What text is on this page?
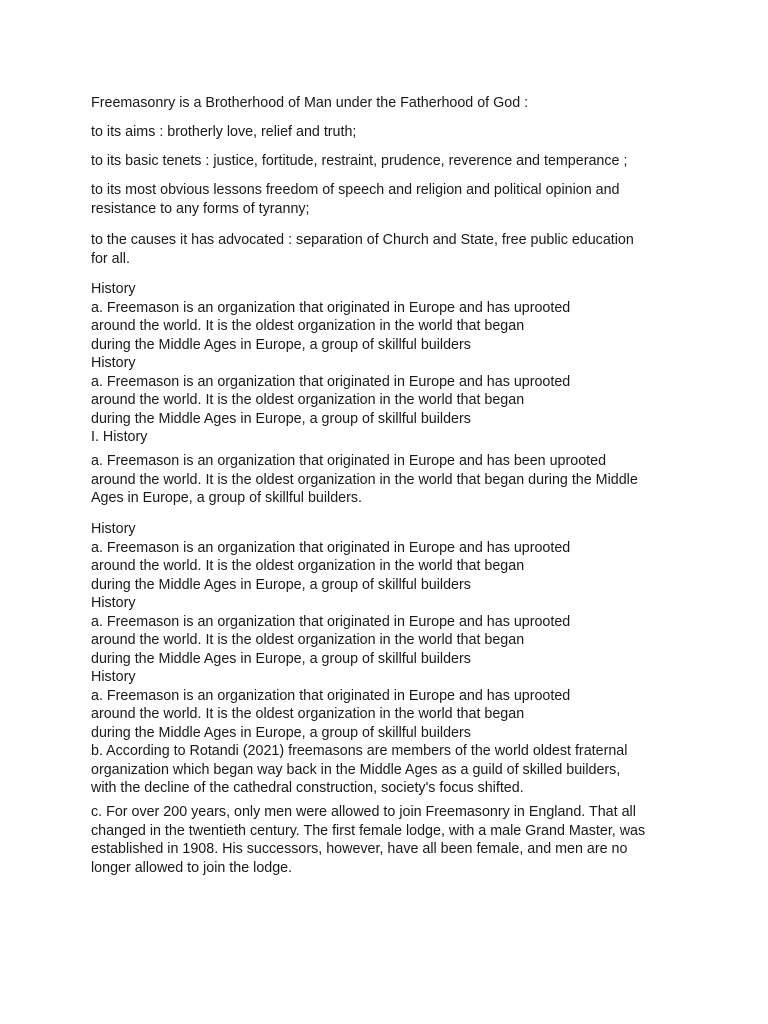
Freemasonry is a Brotherhood of Man under the Fatherhood of God :

to its aims : brotherly love, relief and truth;

to its basic tenets : justice, fortitude, restraint, prudence, reverence and temperance ;

to its most obvious lessons freedom of speech and religion and political opinion and
resistance to any forms of tyranny;

to the causes it has advocated : separation of Church and State, free public education
for all.

History
a. Freemason is an organization that originated in Europe and has uprooted
around the world. It is the oldest organization in the world that began
during the Middle Ages in Europe, a group of skillful builders
History
a. Freemason is an organization that originated in Europe and has uprooted
around the world. It is the oldest organization in the world that began
during the Middle Ages in Europe, a group of skillful builders
I. History

a. Freemason is an organization that originated in Europe and has been uprooted
around the world. It is the oldest organization in the world that began during the Middle
Ages in Europe, a group of skillful builders.

History
a. Freemason is an organization that originated in Europe and has uprooted
around the world. It is the oldest organization in the world that began
during the Middle Ages in Europe, a group of skillful builders
History
a. Freemason is an organization that originated in Europe and has uprooted
around the world. It is the oldest organization in the world that began
during the Middle Ages in Europe, a group of skillful builders
History
a. Freemason is an organization that originated in Europe and has uprooted
around the world. It is the oldest organization in the world that began
during the Middle Ages in Europe, a group of skillful builders
b. According to Rotandi (2021) freemasons are members of the world oldest fraternal
organization which began way back in the Middle Ages as a guild of skilled builders,
with the decline of the cathedral construction, society's focus shifted.

c. For over 200 years, only men were allowed to join Freemasonry in England. That all
changed in the twentieth century. The first female lodge, with a male Grand Master, was
established in 1908. His successors, however, have all been female, and men are no
longer allowed to join the lodge.
